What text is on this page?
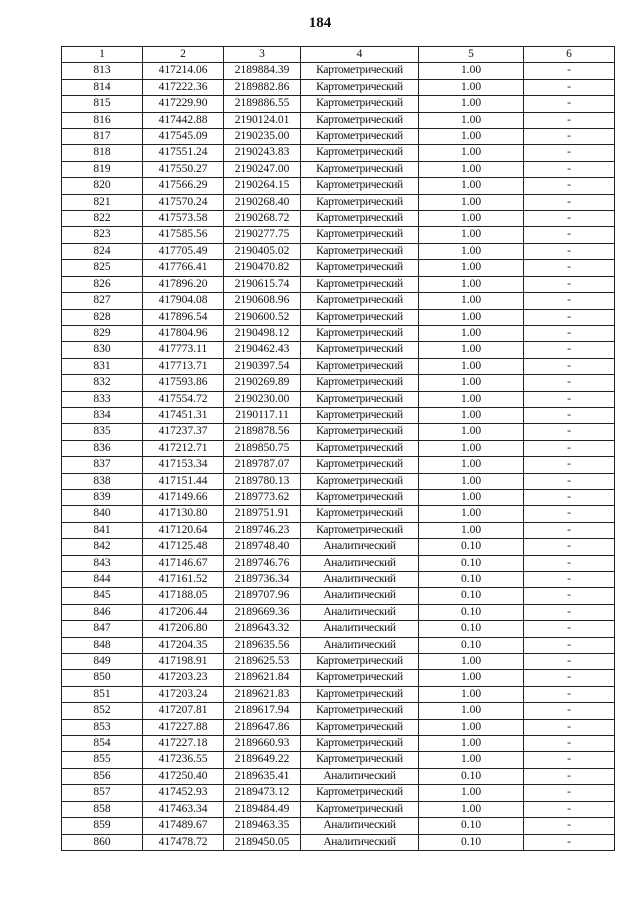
184
1	2	3	4	5	6
813	417214.06	2189884.39	Картометрический	1.00	-
814	417222.36	2189882.86	Картометрический	1.00	-
815	417229.90	2189886.55	Картометрический	1.00	-
816	417442.88	2190124.01	Картометрический	1.00	-
817	417545.09	2190235.00	Картометрический	1.00	-
818	417551.24	2190243.83	Картометрический	1.00	-
819	417550.27	2190247.00	Картометрический	1.00	-
820	417566.29	2190264.15	Картометрический	1.00	-
821	417570.24	2190268.40	Картометрический	1.00	-
822	417573.58	2190268.72	Картометрический	1.00	-
823	417585.56	2190277.75	Картометрический	1.00	-
824	417705.49	2190405.02	Картометрический	1.00	-
825	417766.41	2190470.82	Картометрический	1.00	-
826	417896.20	2190615.74	Картометрический	1.00	-
827	417904.08	2190608.96	Картометрический	1.00	-
828	417896.54	2190600.52	Картометрический	1.00	-
829	417804.96	2190498.12	Картометрический	1.00	-
830	417773.11	2190462.43	Картометрический	1.00	-
831	417713.71	2190397.54	Картометрический	1.00	-
832	417593.86	2190269.89	Картометрический	1.00	-
833	417554.72	2190230.00	Картометрический	1.00	-
834	417451.31	2190117.11	Картометрический	1.00	-
835	417237.37	2189878.56	Картометрический	1.00	-
836	417212.71	2189850.75	Картометрический	1.00	-
837	417153.34	2189787.07	Картометрический	1.00	-
838	417151.44	2189780.13	Картометрический	1.00	-
839	417149.66	2189773.62	Картометрический	1.00	-
840	417130.80	2189751.91	Картометрический	1.00	-
841	417120.64	2189746.23	Картометрический	1.00	-
842	417125.48	2189748.40	Аналитический	0.10	-
843	417146.67	2189746.76	Аналитический	0.10	-
844	417161.52	2189736.34	Аналитический	0.10	-
845	417188.05	2189707.96	Аналитический	0.10	-
846	417206.44	2189669.36	Аналитический	0.10	-
847	417206.80	2189643.32	Аналитический	0.10	-
848	417204.35	2189635.56	Аналитический	0.10	-
849	417198.91	2189625.53	Картометрический	1.00	-
850	417203.23	2189621.84	Картометрический	1.00	-
851	417203.24	2189621.83	Картометрический	1.00	-
852	417207.81	2189617.94	Картометрический	1.00	-
853	417227.88	2189647.86	Картометрический	1.00	-
854	417227.18	2189660.93	Картометрический	1.00	-
855	417236.55	2189649.22	Картометрический	1.00	-
856	417250.40	2189635.41	Аналитический	0.10	-
857	417452.93	2189473.12	Картометрический	1.00	-
858	417463.34	2189484.49	Картометрический	1.00	-
859	417489.67	2189463.35	Аналитический	0.10	-
860	417478.72	2189450.05	Аналитический	0.10	-
